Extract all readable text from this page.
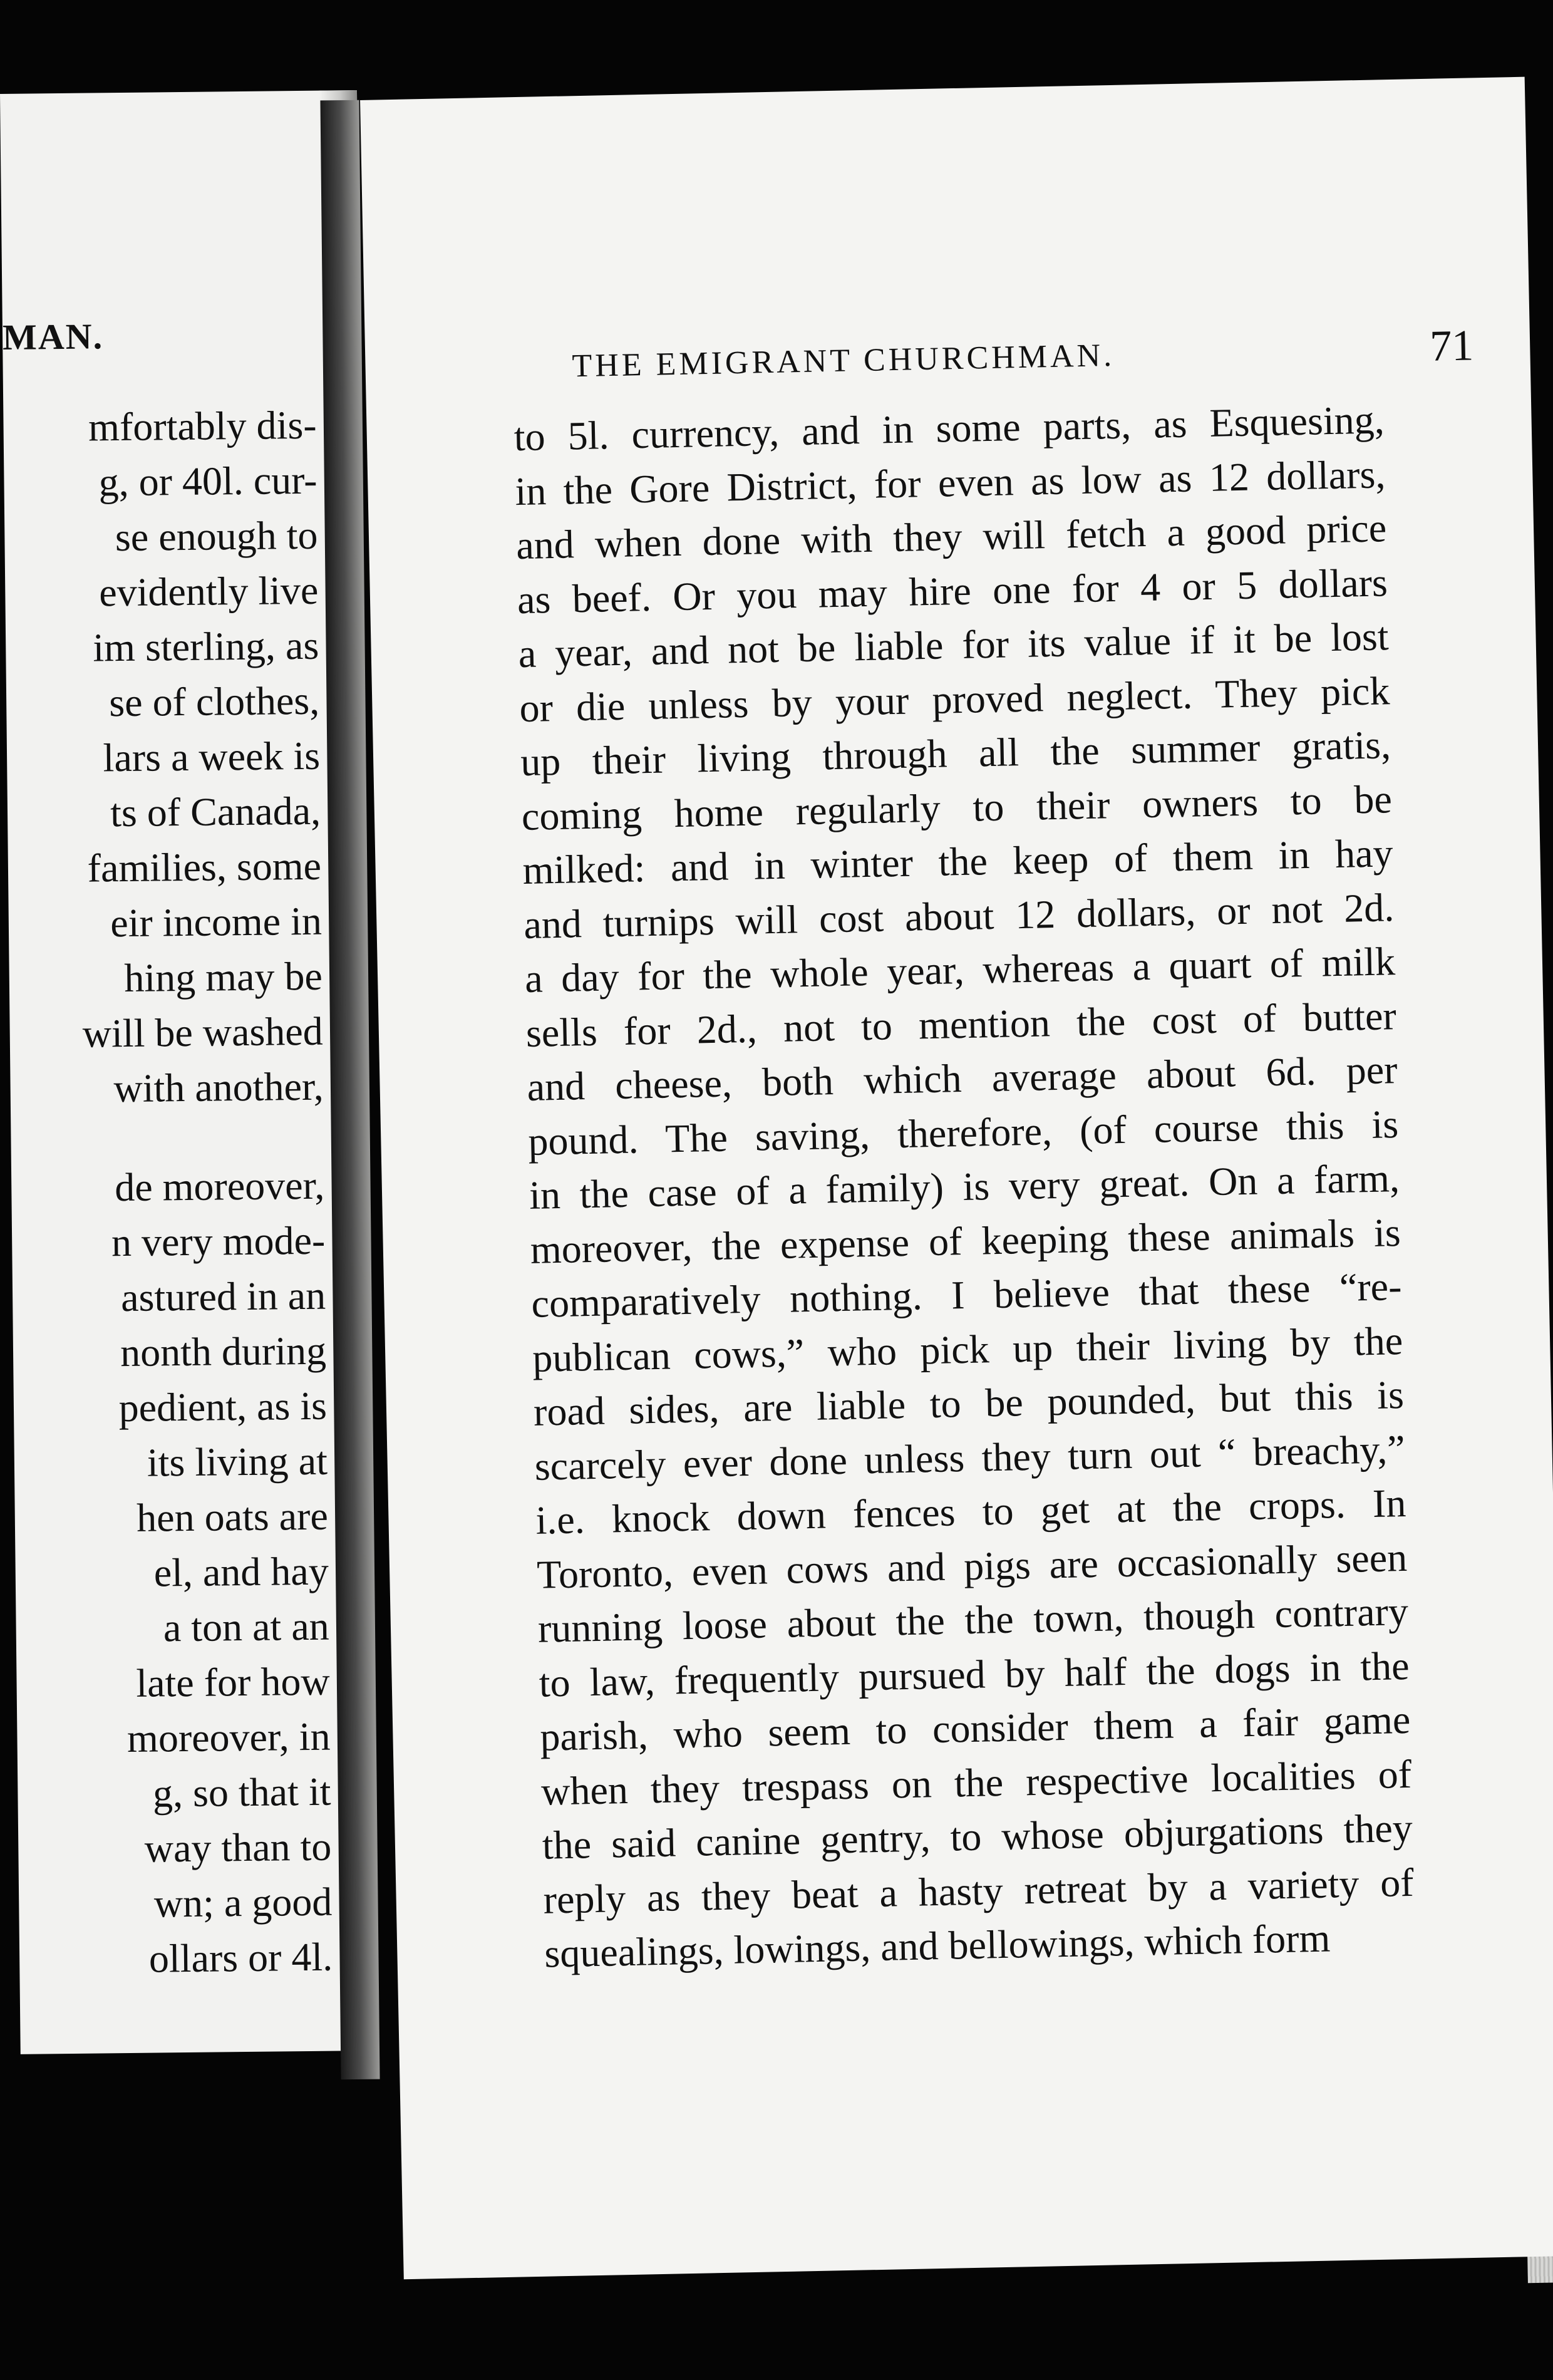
MAN.
mfortably dis-
g, or 40l. cur-
se enough to
evidently live
im sterling, as
se of clothes,
lars a week is
ts of Canada,
families, some
eir income in
hing may be
will be washed
with another,
de moreover,
n very mode-
astured in an
nonth during
pedient, as is
its living at
hen oats are
el, and hay
a ton at an
late for how
moreover, in
g, so that it
way than to
wn; a good
ollars or 4l.
THE EMIGRANT CHURCHMAN.	71
to 5l. currency, and in some parts, as Esquesing,
in the Gore District, for even as low as 12 dollars,
and when done with they will fetch a good price
as beef. Or you may hire one for 4 or 5 dollars
a year, and not be liable for its value if it be lost
or die unless by your proved neglect. They pick
up their living through all the summer gratis,
coming home regularly to their owners to be
milked: and in winter the keep of them in hay
and turnips will cost about 12 dollars, or not 2d.
a day for the whole year, whereas a quart of milk
sells for 2d., not to mention the cost of butter
and cheese, both which average about 6d. per
pound. The saving, therefore, (of course this is
in the case of a family) is very great. On a farm,
moreover, the expense of keeping these animals is
comparatively nothing. I believe that these “re-
publican cows,” who pick up their living by the
road sides, are liable to be pounded, but this is
scarcely ever done unless they turn out “ breachy,”
i.e. knock down fences to get at the crops. In
Toronto, even cows and pigs are occasionally seen
running loose about the the town, though contrary
to law, frequently pursued by half the dogs in the
parish, who seem to consider them a fair game
when they trespass on the respective localities of
the said canine gentry, to whose objurgations they
reply as they beat a hasty retreat by a variety of
squealings, lowings, and bellowings, which form
